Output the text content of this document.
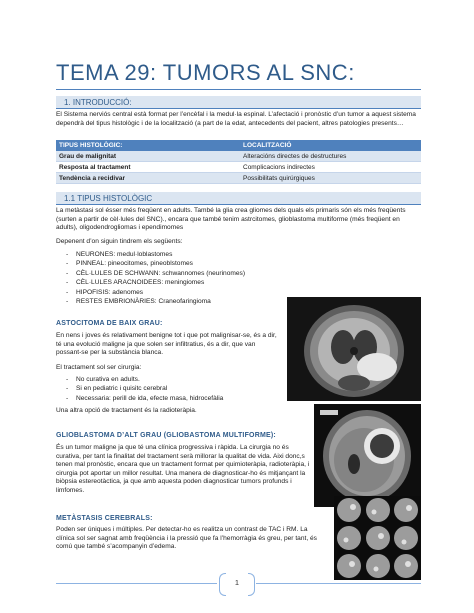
TEMA 29: TUMORS AL SNC:
1. INTRODUCCIÓ:

El Sistema nerviós central està format per l’encèfal i la medul·la espinal. L’afectació i pronòstic d’un tumor a aquest sistema dependrà del tipus histològic i de la localització (a part de la edat, antecedents del pacient, altres patologies presents…

TIPUS HISTOLÒGIC:	LOCALITZACIÓ
Grau de malignitat	Alteracións directes de destructures
Resposta al tractament	Complicacions indirectes
Tendència a recidivar	Possibilitats quirúrgiques
1.1 TIPUS HISTOLÒGIC

La metàstasi sol ésser més freqüent en adults. També la glia crea gliomes dels quals els primaris són els més freqüents (surten a partir de cèl·lules del SNC)., encara que també tenim astrcitomes, glioblastoma multiforme (més freqüent en adults), oligodendrogliomas i ependimomes

Depenent d’on siguin tindrem els següents:

- NEURONES: medul·loblastomes
- PINNEAL: pineocitomes, pineoblstomes
- CÈL·LULES DE SCHWANN: schwannomes (neurinomes)
- CÈL·LULES ARACNOIDEES: meningiomes
- HIPOFISIS: adenomes
- RESTES EMBRIONÀRIES: Craneofaringioma
ASTOCITOMA DE BAIX GRAU:

En nens i joves és relativament benigne tot i que pot malignisar-se, és a dir, té una evolució maligne ja que solen ser infiltratius, és a dir, que van possant-se per la substància blanca.

El tractament sol ser cirurgia:

- No curativa en adults.
- Si en pediatric i quisitc cerebral
- Necessaria: perill de ida, efecte masa, hidrocefàlia

Una altra opció de tractament és la radioteràpia.

GLIOBLASTOMA D’ALT GRAU (GLIOBASTOMA MULTIFORME):

És un tumor maligne ja que té una clínica progressiva i ràpida. La cirurgia no és curativa, per tant la finalitat del tractament serà millorar la qualitat de vida. Aixi donc,s tenen mal pronòstic, encara que un tractament format per quimioteràpia, radioteràpia, i cirurgia pot aportar un millor resultat. Una manera de diagnosticar-ho és mitjançant la biòpsia estereotàctica, ja que amb aquesta poden diagnosticar tumors profunds i limfomes.

METÀSTASIS CEREBRALS:

Poden ser úniques i múltiples. Per detectar-ho es realitza un contrast de TAC i RM. La clínica sol ser sagnat amb freqüència i la pressió que fa l’hemorràgia és greu, per tant, és comú que també s’acompanyin d’edema.

1
